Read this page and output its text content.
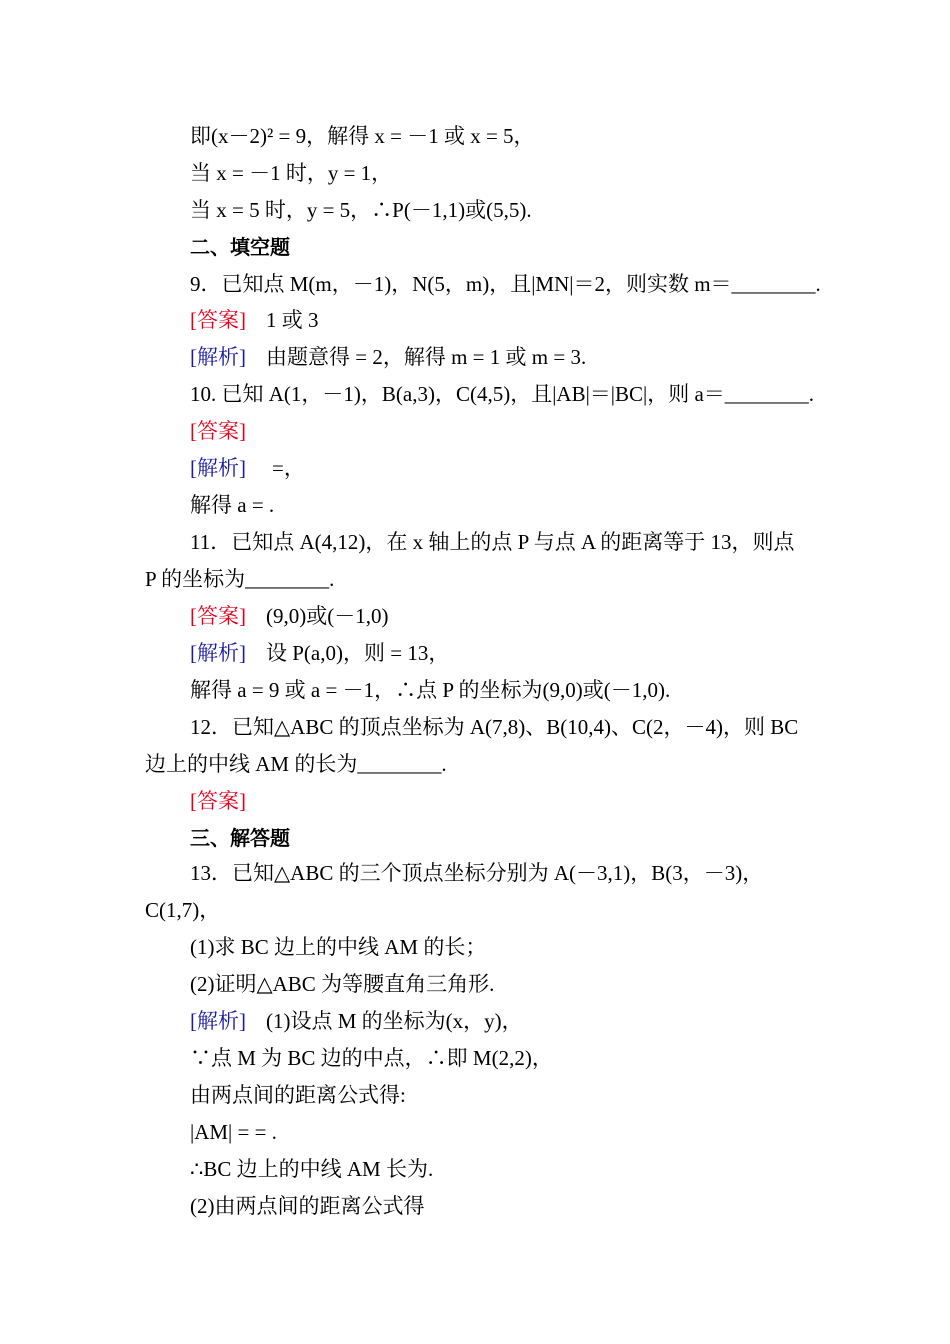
即(x－2)² = 9，解得 x = －1 或 x = 5，
当 x = －1 时，y = 1，
当 x = 5 时，y = 5，∴P(－1,1)或(5,5).
二、填空题
9．已知点 M(m，－1)，N(5，m)，且|MN|＝2，则实数 m＝________.
[答案] 1 或 3
[解析] 由题意得 = 2，解得 m = 1 或 m = 3.
10. 已知 A(1，－1)，B(a,3)，C(4,5)，且|AB|＝|BC|，则 a＝________.
[答案]
[解析] =，
解得 a = .
11．已知点 A(4,12)，在 x 轴上的点 P 与点 A 的距离等于 13，则点
P 的坐标为________.
[答案] (9,0)或(－1,0)
[解析] 设 P(a,0)，则 = 13，
解得 a = 9 或 a = －1，∴点 P 的坐标为(9,0)或(－1,0).
12．已知△ABC 的顶点坐标为 A(7,8)、B(10,4)、C(2，－4)，则 BC
边上的中线 AM 的长为________.
[答案]
三、解答题
13．已知△ABC 的三个顶点坐标分别为 A(－3,1)，B(3，－3)，
C(1,7)，
(1)求 BC 边上的中线 AM 的长；
(2)证明△ABC 为等腰直角三角形.
[解析] (1)设点 M 的坐标为(x，y)，
∵点 M 为 BC 边的中点，∴即 M(2,2)，
由两点间的距离公式得:
|AM| = = .
∴BC 边上的中线 AM 长为.
(2)由两点间的距离公式得
